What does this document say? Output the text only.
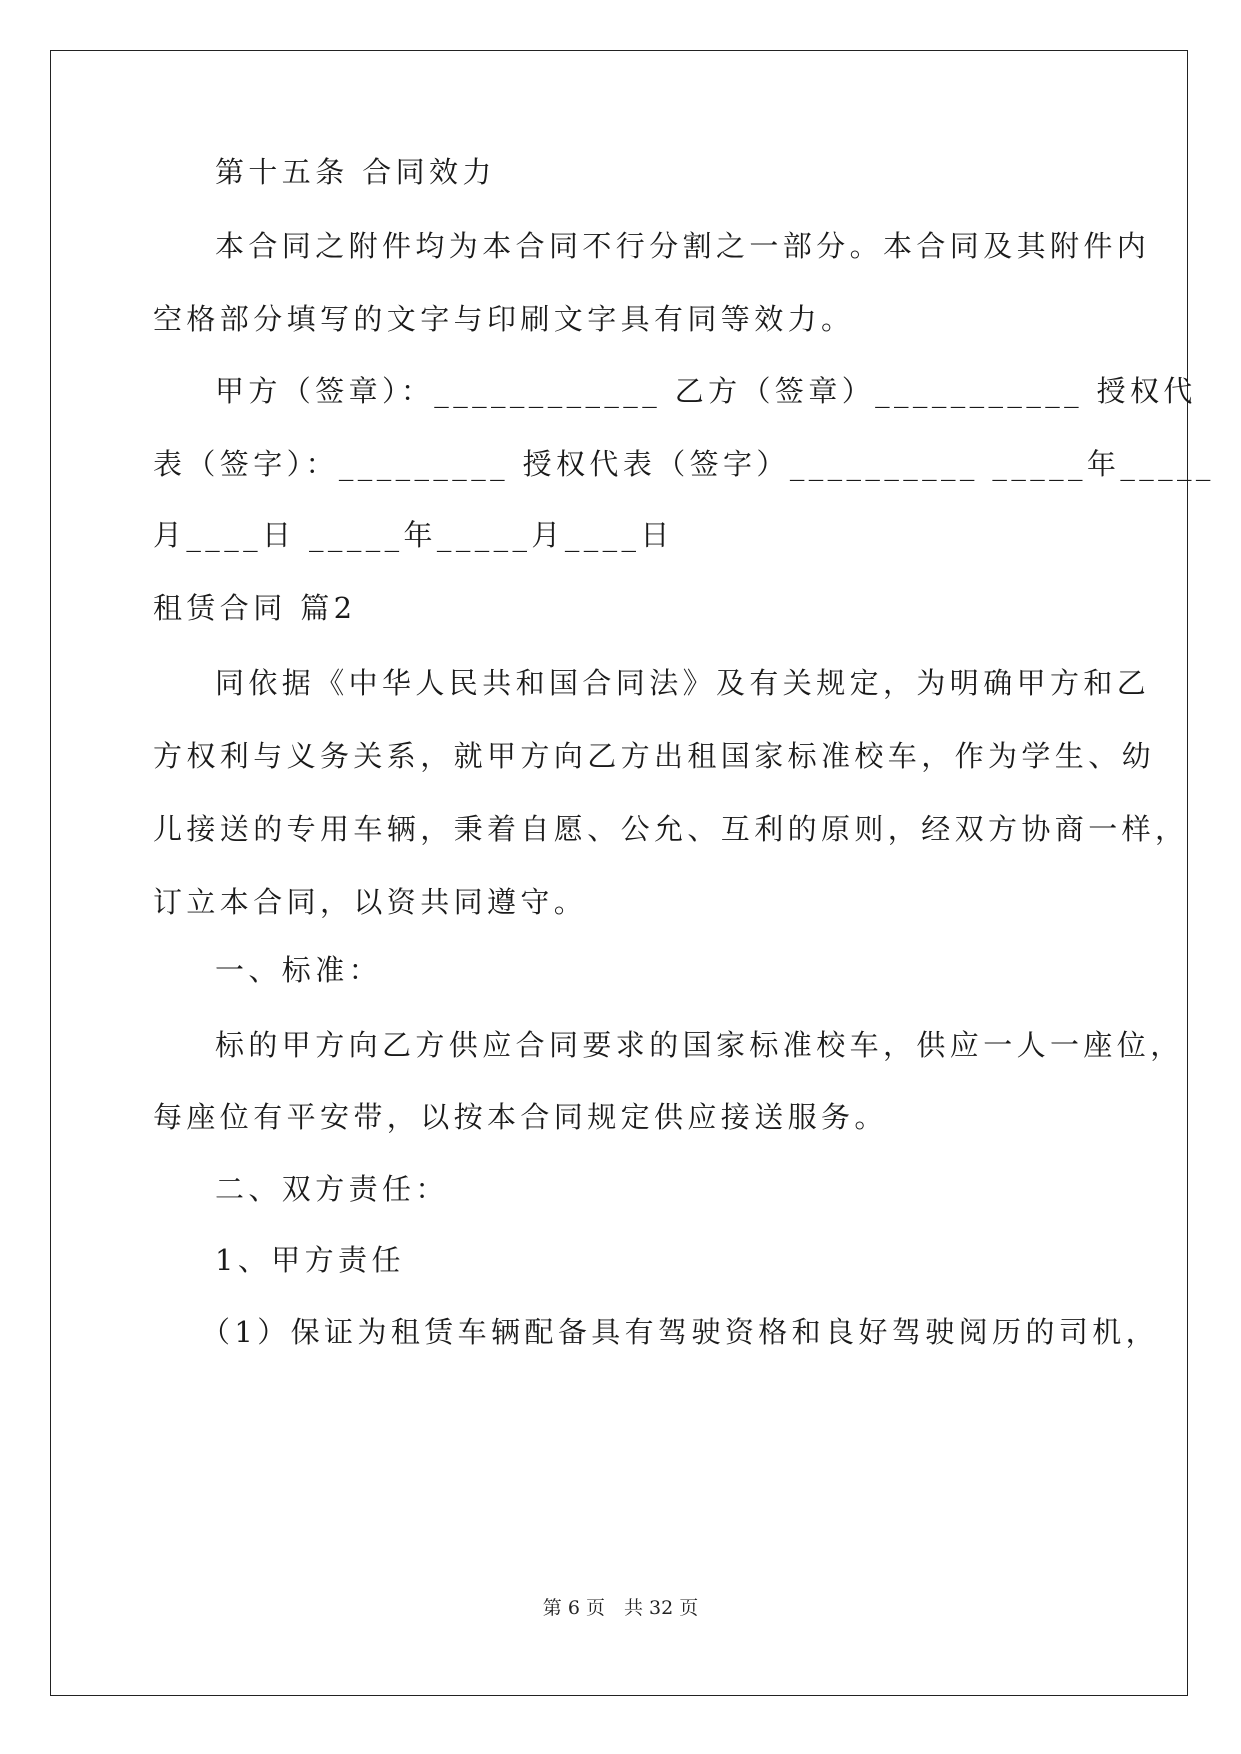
第十五条 合同效力
本合同之附件均为本合同不行分割之一部分。本合同及其附件内
空格部分填写的文字与印刷文字具有同等效力。
甲方（签章）：____________ 乙方（签章）___________ 授权代
表（签字）：_________ 授权代表（签字）__________ _____年_____
月____日 _____年_____月____日
租赁合同 篇2
同依据《中华人民共和国合同法》及有关规定，为明确甲方和乙
方权利与义务关系，就甲方向乙方出租国家标准校车，作为学生、幼
儿接送的专用车辆，秉着自愿、公允、互利的原则，经双方协商一样，
订立本合同，以资共同遵守。
一、标准：
标的甲方向乙方供应合同要求的国家标准校车，供应一人一座位，
每座位有平安带，以按本合同规定供应接送服务。
二、双方责任：
1、甲方责任
（1）保证为租赁车辆配备具有驾驶资格和良好驾驶阅历的司机，
第 6 页　共 32 页
